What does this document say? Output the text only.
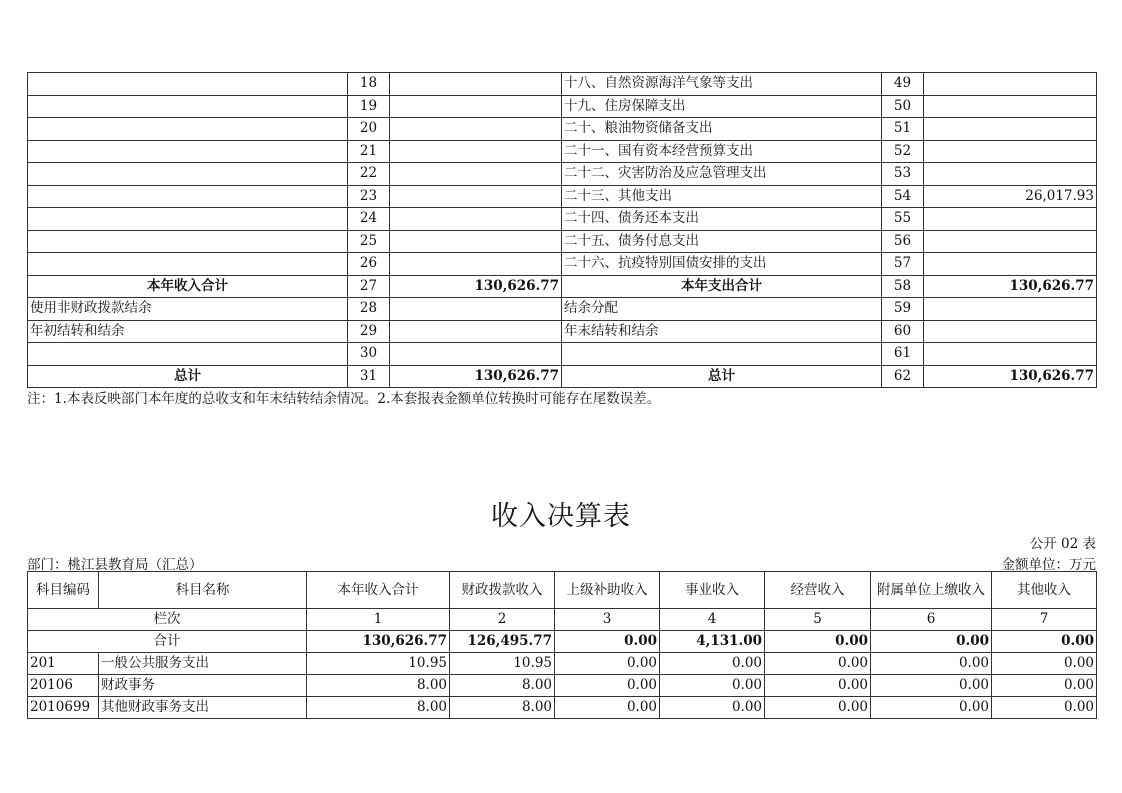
	18		十八、自然资源海洋气象等支出	49	
	19		十九、住房保障支出	50	
	20		二十、粮油物资储备支出	51	
	21		二十一、国有资本经营预算支出	52	
	22		二十二、灾害防治及应急管理支出	53	
	23		二十三、其他支出	54	26,017.93
	24		二十四、债务还本支出	55	
	25		二十五、债务付息支出	56	
	26		二十六、抗疫特别国债安排的支出	57	
本年收入合计	27	130,626.77	本年支出合计	58	130,626.77
使用非财政拨款结余	28		结余分配	59	
年初结转和结余	29		年末结转和结余	60	
	30			61	
总计	31	130,626.77	总计	62	130,626.77
注：1.本表反映部门本年度的总收支和年末结转结余情况。2.本套报表金额单位转换时可能存在尾数误差。
收入决算表
公开 02 表
部门：桃江县教育局（汇总）	金额单位：万元
科目编码	科目名称	本年收入合计	财政拨款收入	上级补助收入	事业收入	经营收入	附属单位上缴收入	其他收入
栏次		1	2	3	4	5	6	7
合计		130,626.77	126,495.77	0.00	4,131.00	0.00	0.00	0.00
201	一般公共服务支出	10.95	10.95	0.00	0.00	0.00	0.00	0.00
20106	财政事务	8.00	8.00	0.00	0.00	0.00	0.00	0.00
2010699	其他财政事务支出	8.00	8.00	0.00	0.00	0.00	0.00	0.00
